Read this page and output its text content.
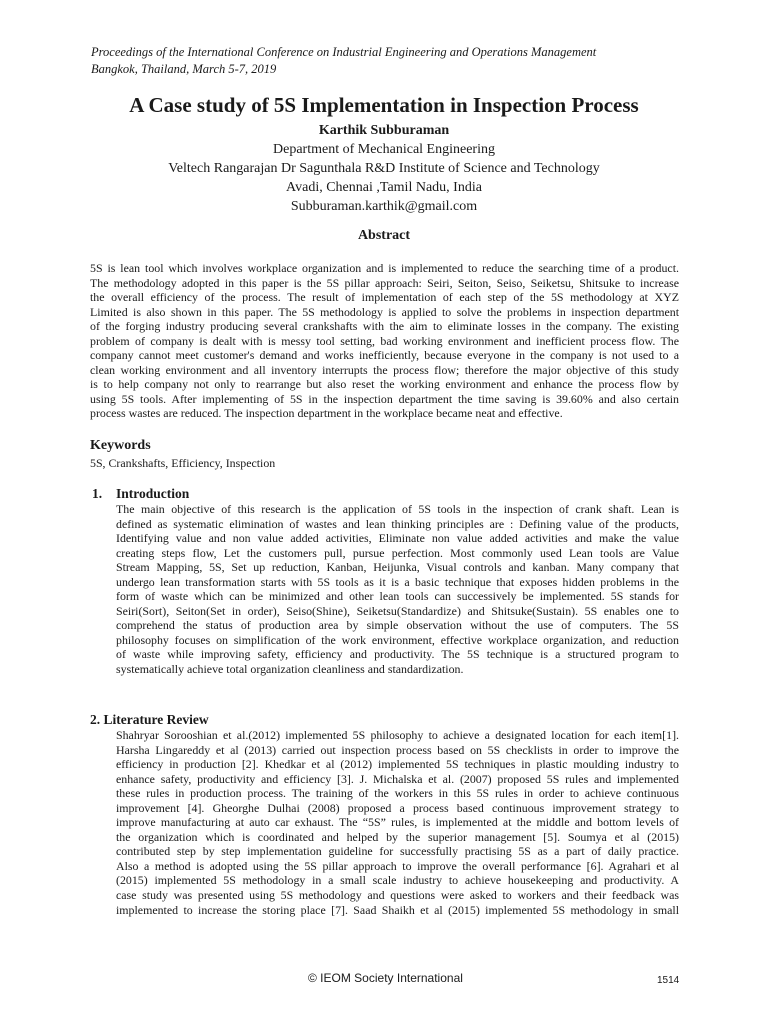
Proceedings of the International Conference on Industrial Engineering and Operations Management
Bangkok, Thailand, March 5-7, 2019
A Case study of 5S Implementation in Inspection Process
Karthik Subburaman
Department of Mechanical Engineering
Veltech Rangarajan Dr Sagunthala R&D Institute of Science and Technology
Avadi, Chennai ,Tamil Nadu, India
Subburaman.karthik@gmail.com
Abstract
5S is lean tool which involves workplace organization and is implemented to reduce the searching time of a product.
The methodology adopted in this paper is the 5S pillar approach: Seiri, Seiton, Seiso, Seiketsu, Shitsuke to increase
the overall efficiency of the process. The result of implementation of each step of the 5S methodology at XYZ
Limited is also shown in this paper. The 5S methodology is applied to solve the problems in inspection department
of the forging industry producing several crankshafts with the aim to eliminate losses in the company. The existing
problem of company is dealt with is messy tool setting, bad working environment and inefficient process flow. The
company cannot meet customer's demand and works inefficiently, because everyone in the company is not used to a
clean working environment and all inventory interrupts the process flow; therefore the major objective of this study
is to help company not only to rearrange but also reset the working environment and enhance the process flow by
using 5S tools. After implementing of 5S in the inspection department the time saving is 39.60% and also certain
process wastes are reduced. The inspection department in the workplace became neat and effective.
Keywords
5S, Crankshafts, Efficiency, Inspection
1. Introduction
The main objective of this research is the application of 5S tools in the inspection of crank shaft. Lean is
defined as systematic elimination of wastes and lean thinking principles are : Defining value of the products,
Identifying value and non value added activities, Eliminate non value added activities and make the value
creating steps flow, Let the customers pull, pursue perfection. Most commonly used Lean tools are Value
Stream Mapping, 5S, Set up reduction, Kanban, Heijunka, Visual controls and kanban. Many company that
undergo lean transformation starts with 5S tools as it is a basic technique that exposes hidden problems in the
form of waste which can be minimized and other lean tools can successively be implemented. 5S stands for
Seiri(Sort), Seiton(Set in order), Seiso(Shine), Seiketsu(Standardize) and Shitsuke(Sustain). 5S enables one to
comprehend the status of production area by simple observation without the use of computers. The 5S
philosophy focuses on simplification of the work environment, effective workplace organization, and reduction
of waste while improving safety, efficiency and productivity. The 5S technique is a structured program to
systematically achieve total organization cleanliness and standardization.
2. Literature Review
Shahryar Sorooshian et al.(2012) implemented 5S philosophy to achieve a designated location for each item[1].
Harsha Lingareddy et al (2013) carried out inspection process based on 5S checklists in order to improve the
efficiency in production [2]. Khedkar et al (2012) implemented 5S techniques in plastic moulding industry to
enhance safety, productivity and efficiency [3]. J. Michalska et al. (2007) proposed 5S rules and implemented
these rules in production process. The training of the workers in this 5S rules in order to achieve continuous
improvement [4]. Gheorghe Dulhai (2008) proposed a process based continuous improvement strategy to
improve manufacturing at auto car exhaust. The “5S” rules, is implemented at the middle and bottom levels of
the organization which is coordinated and helped by the superior management [5]. Soumya et al (2015)
contributed step by step implementation guideline for successfully practising 5S as a part of daily practice.
Also a method is adopted using the 5S pillar approach to improve the overall performance [6]. Agrahari et al
(2015) implemented 5S methodology in a small scale industry to achieve housekeeping and productivity. A
case study was presented using 5S methodology and questions were asked to workers and their feedback was
implemented to increase the storing place [7]. Saad Shaikh et al (2015) implemented 5S methodology in small
© IEOM Society International	1514
